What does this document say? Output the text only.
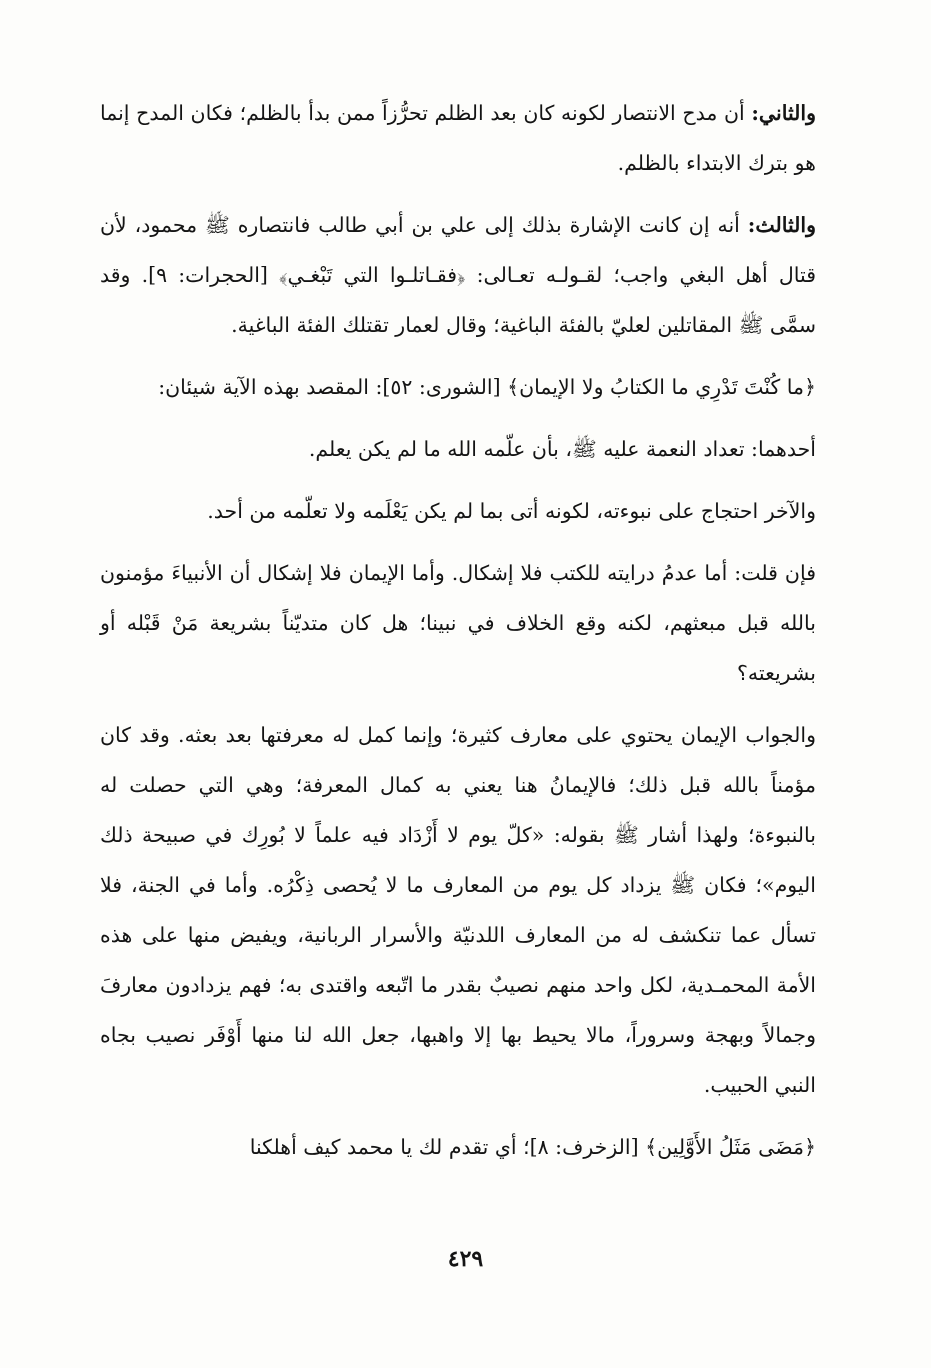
والثاني: أن مدح الانتصار لكونه كان بعد الظلم تحرُّزاً ممن بدأ بالظلم؛ فكان المدح إنما هو بترك الابتداء بالظلم.

والثالث: أنه إن كانت الإشارة بذلك إلى علي بن أبي طالب فانتصاره ﷺ محمود، لأن قتال أهل البغي واجب؛ لقـولـه تعـالى: ﴿فقـاتلـوا التي تَبْغـي﴾ [الحجرات: ٩]. وقد سمَّى ﷺ المقاتلين لعليّ بالفئة الباغية؛ وقال لعمار تقتلك الفئة الباغية.

﴿ما كُنْتَ تَدْرِي ما الكتابُ ولا الإيمان﴾ [الشورى: ٥٢]: المقصد بهذه الآية شيئان:

أحدهما: تعداد النعمة عليه ﷺ، بأن علّمه الله ما لم يكن يعلم.

والآخر احتجاج على نبوءته، لكونه أتى بما لم يكن يَعْلَمه ولا تعلّمه من أحد.

فإن قلت: أما عدمُ درايته للكتب فلا إشكال. وأما الإيمان فلا إشكال أن الأنبياءَ مؤمنون بالله قبل مبعثهم، لكنه وقع الخلاف في نبينا؛ هل كان متديّناً بشريعة مَنْ قَبْله أو بشريعته؟

والجواب الإيمان يحتوي على معارف كثيرة؛ وإنما كمل له معرفتها بعد بعثه. وقد كان مؤمناً بالله قبل ذلك؛ فالإيمانُ هنا يعني به كمال المعرفة؛ وهي التي حصلت له بالنبوءة؛ ولهذا أشار ﷺ بقوله: «كلّ يوم لا أَزْدَاد فيه علماً لا بُورِك في صبيحة ذلك اليوم»؛ فكان ﷺ يزداد كل يوم من المعارف ما لا يُحصى ذِكْرُه. وأما في الجنة، فلا تسأل عما تنكشف له من المعارف اللدنيّة والأسرار الربانية، ويفيض منها على هذه الأمة المحمـدية، لكل واحد منهم نصيبٌ بقدر ما اتّبعه واقتدى به؛ فهم يزدادون معارفَ وجمالاً وبهجة وسروراً، مالا يحيط بها إلا واهبها، جعل الله لنا منها أَوْفَر نصيب بجاه النبي الحبيب.

﴿مَضَى مَثَلُ الأَوَّلِين﴾ [الزخرف: ٨]؛ أي تقدم لك يا محمد كيف أهلكنا

٤٢٩
